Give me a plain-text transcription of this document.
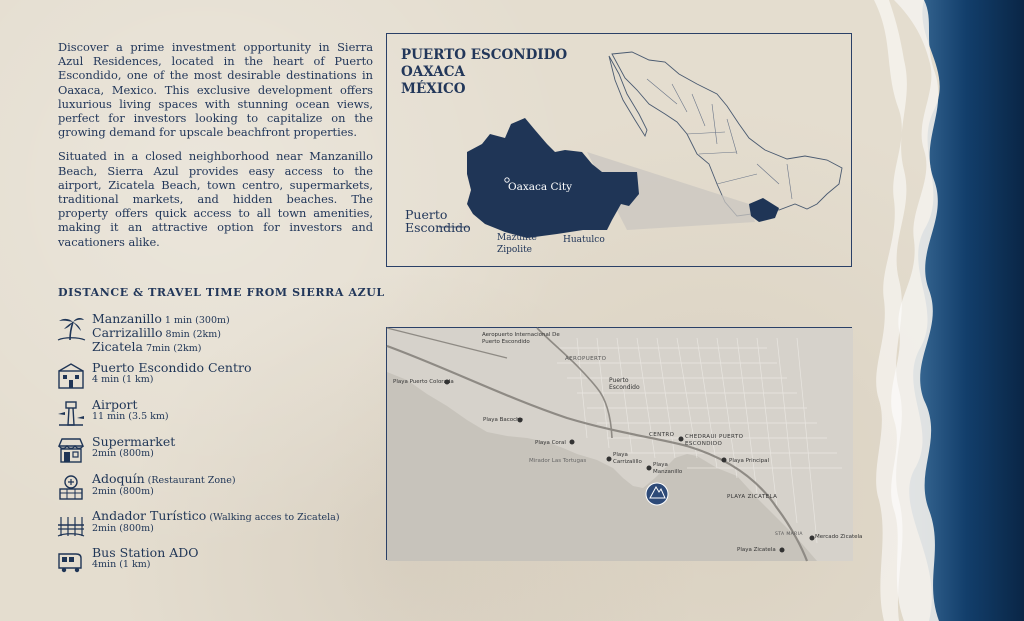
Discover a prime investment opportunity in Sierra Azul Residences, located in the heart of Puerto Escondido, one of the most desirable destinations in Oaxaca, Mexico. This exclusive development offers luxurious living spaces with stunning ocean views, perfect for investors looking to capitalize on the growing demand for upscale beachfront properties.

Situated in a closed neighborhood near Manzanillo Beach, Sierra Azul provides easy access to the airport, Zicatela Beach, town centro, supermarkets, traditional markets, and hidden beaches. The property offers quick access to all town amenities, making it an attractive option for investors and vacationers alike.

DISTANCE & TRAVEL TIME FROM SIERRA AZUL
Manzanillo 1 min (300m)
Carrizalillo 8min (2km)
Zicatela 7min (2km)
Puerto Escondido Centro
4 min (1 km)
Airport
11 min (3.5 km)
Supermarket
2min (800m)
Adoquín (Restaurant Zone)
2min (800m)
Andador Turístico (Walking acces to Zicatela)
2min (800m)
Bus Station ADO
4min (1 km)
PUERTO ESCONDIDO
OAXACA
MÉXICO
Oaxaca City
Puerto
Escondido
Mazunte
Zipolite
Huatulco
Aeropuerto Internacional De Puerto Escondido
AEROPUERTO
Puerto Escondido
Playa Puerto Colorada
Playa Bacocho
Playa Coral
Playa Carrizalillo
Playa Manzanillo
Mirador Las Tortugas
CENTRO CHEDRAUI PUERTO ESCONDIDO
Playa Principal
PLAYA ZICATELA
Mercado Zicatela
Playa Zicatela
STA MARIA
